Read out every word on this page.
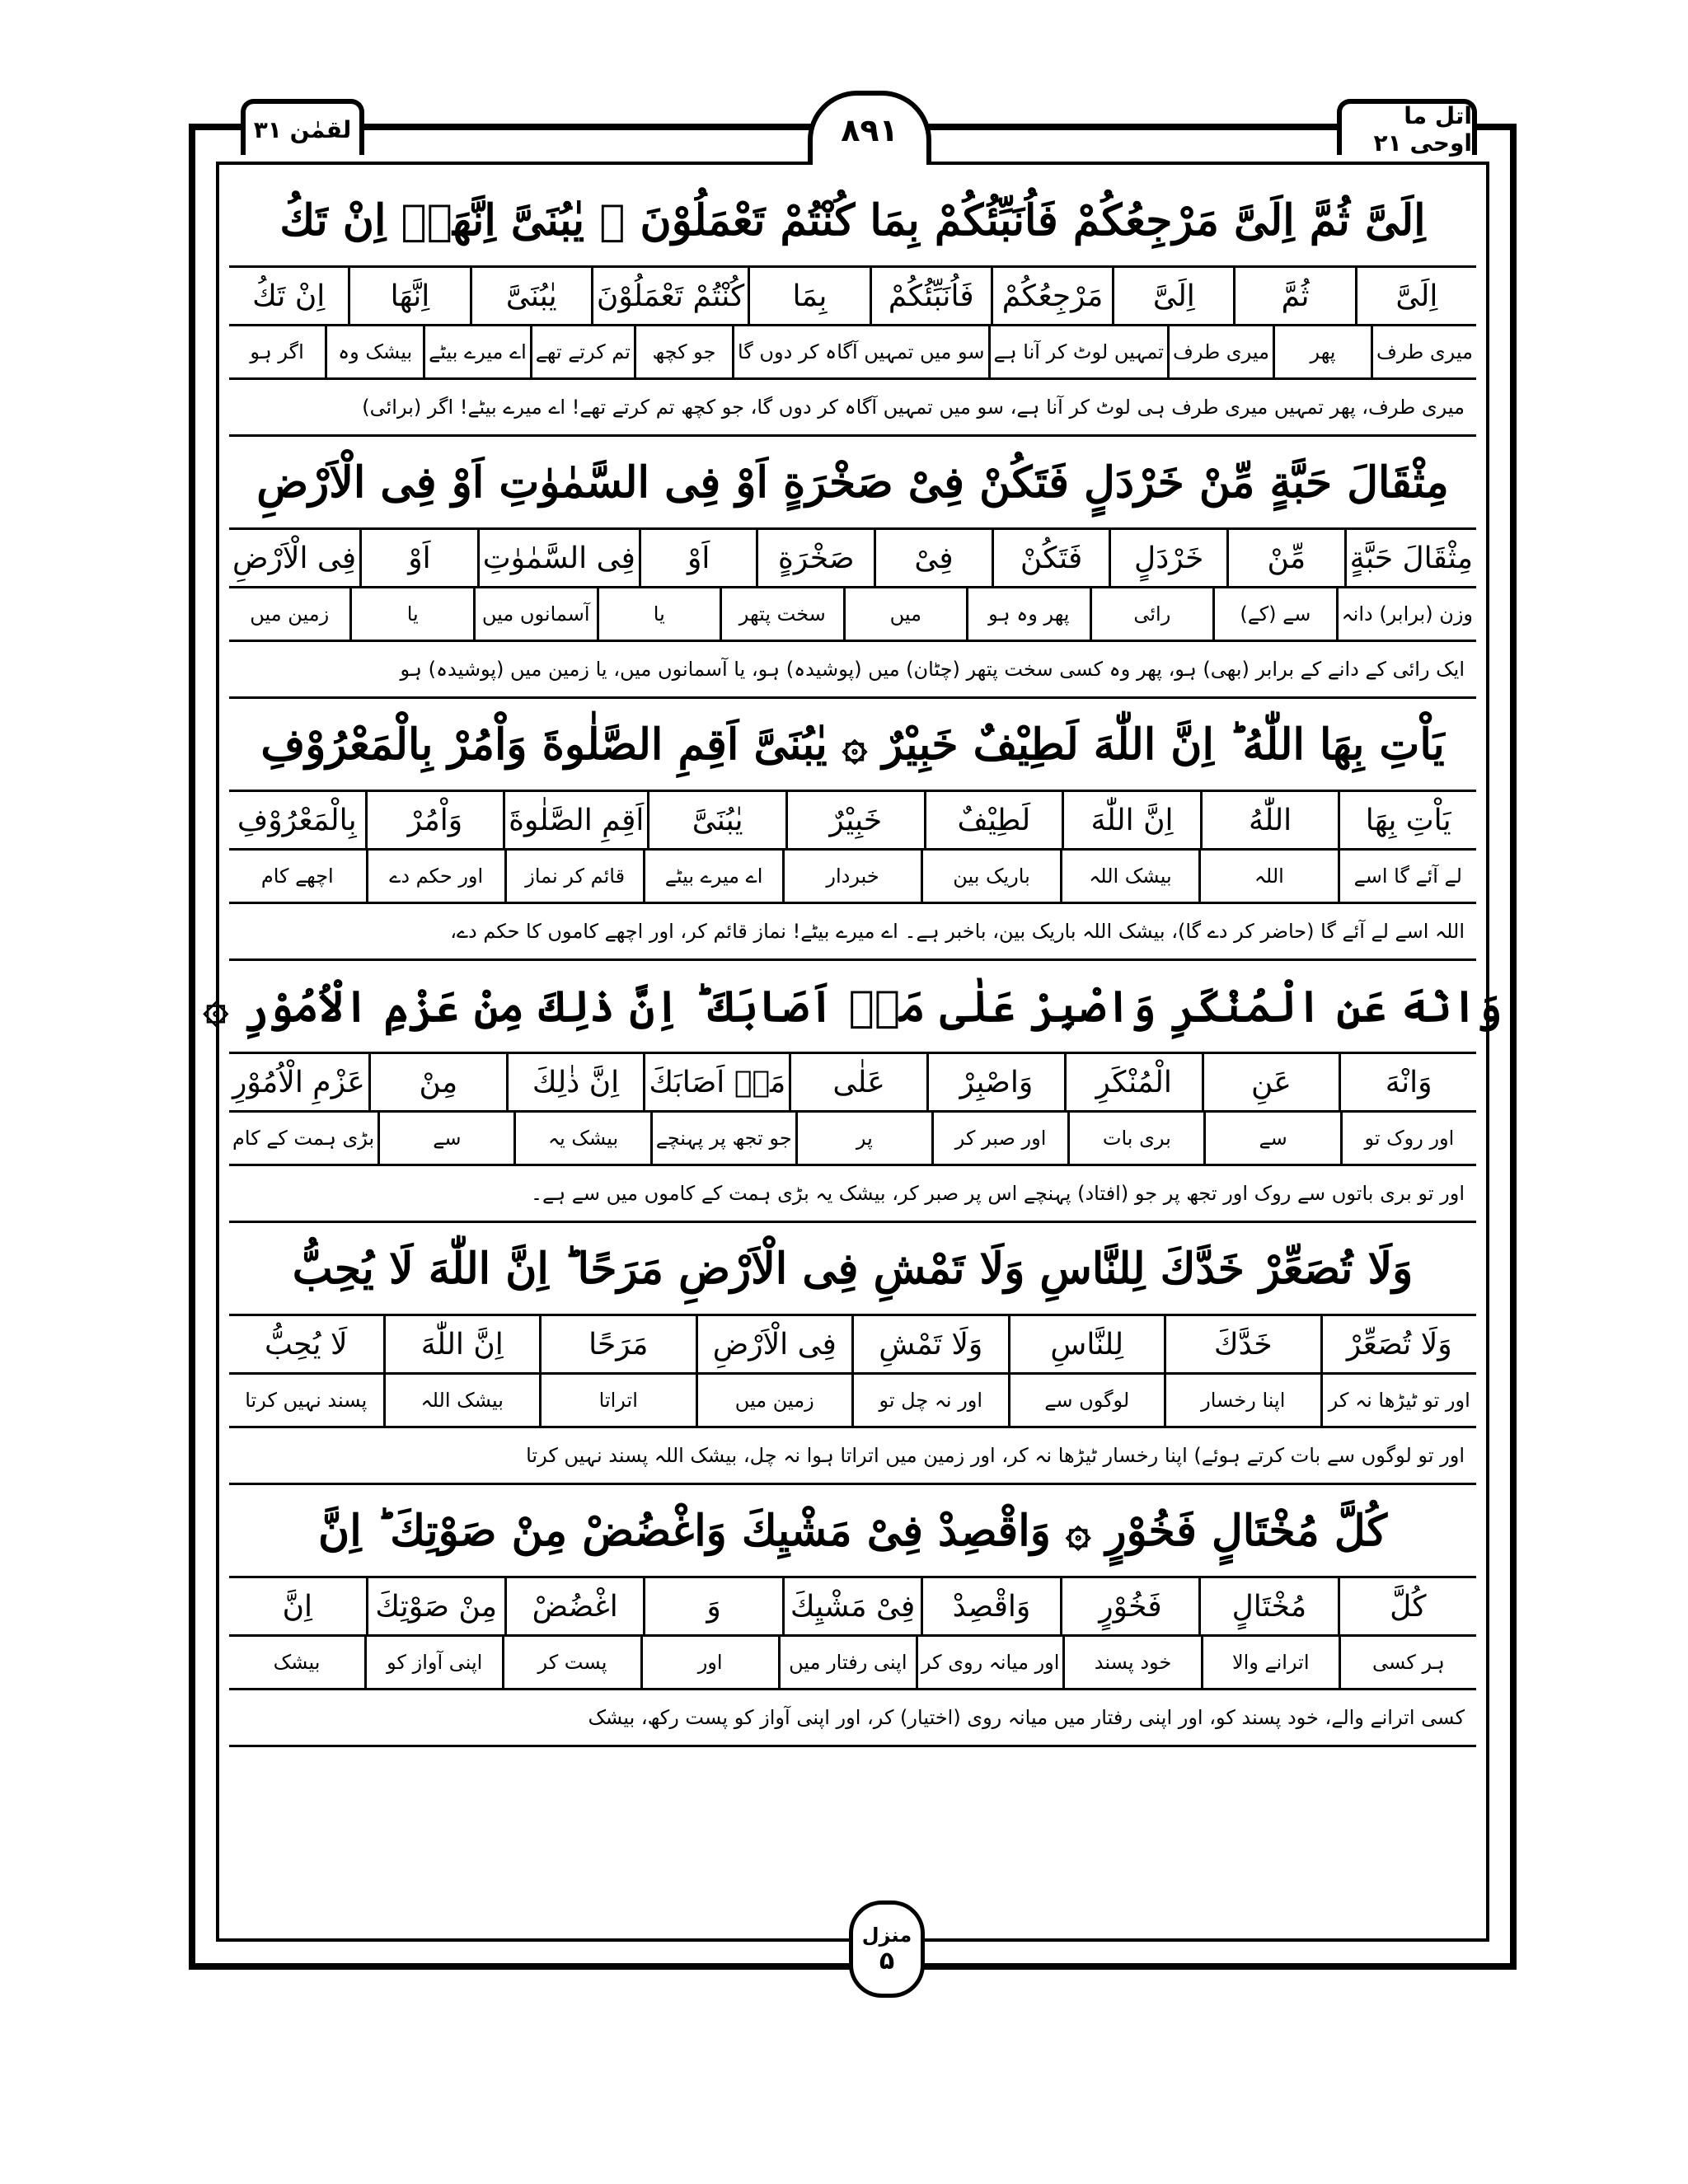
اتل ما اوحی ۲۱
۸۹۱
لقمٰن ۳۱
اِلَیَّ ثُمَّ اِلَیَّ مَرْجِعُكُمْ فَاُنَبِّئُكُمْ بِمَا كُنْتُمْ تَعْمَلُوْنَ ۞ یٰبُنَیَّ اِنَّهَاۤ اِنْ تَكُ
اِلَیَّ
ثُمَّ
اِلَیَّ
مَرْجِعُكُمْ
فَاُنَبِّئُكُمْ
بِمَا
كُنْتُمْ تَعْمَلُوْنَ
یٰبُنَیَّ
اِنَّهَا
اِنْ تَكُ
میری طرف
پھر
میری طرف
تمہیں لوٹ کر آنا ہے
سو میں تمہیں آگاہ کر دوں گا
جو کچھ
تم کرتے تھے
اے میرے بیٹے
بیشک وہ
اگر ہو
میری طرف، پھر تمہیں میری طرف ہی لوٹ کر آنا ہے، سو میں تمہیں آگاہ کر دوں گا، جو کچھ تم کرتے تھے! اے میرے بیٹے! اگر (برائی)
مِثْقَالَ حَبَّةٍ مِّنْ خَرْدَلٍ فَتَكُنْ فِیْ صَخْرَةٍ اَوْ فِی السَّمٰوٰتِ اَوْ فِی الْاَرْضِ
مِثْقَالَ حَبَّةٍ
مِّنْ
خَرْدَلٍ
فَتَكُنْ
فِیْ
صَخْرَةٍ
اَوْ
فِی السَّمٰوٰتِ
اَوْ
فِی الْاَرْضِ
وزن (برابر) دانہ
سے (کے)
رائی
پھر وہ ہو
میں
سخت پتھر
یا
آسمانوں میں
یا
زمین میں
ایک رائی کے دانے کے برابر (بھی) ہو، پھر وہ کسی سخت پتھر (چٹان) میں (پوشیدہ) ہو، یا آسمانوں میں، یا زمین میں (پوشیدہ) ہو
یَاْتِ بِهَا اللّٰهُ ؕ اِنَّ اللّٰهَ لَطِیْفٌ خَبِیْرٌ ۞ یٰبُنَیَّ اَقِمِ الصَّلٰوةَ وَاْمُرْ بِالْمَعْرُوْفِ
یَاْتِ بِهَا
اللّٰهُ
اِنَّ اللّٰهَ
لَطِیْفٌ
خَبِیْرٌ
یٰبُنَیَّ
اَقِمِ الصَّلٰوةَ
وَاْمُرْ
بِالْمَعْرُوْفِ
لے آئے گا اسے
اللہ
بیشک اللہ
باریک بین
خبردار
اے میرے بیٹے
قائم کر نماز
اور حکم دے
اچھے کام
اللہ اسے لے آئے گا (حاضر کر دے گا)، بیشک اللہ باریک بین، باخبر ہے۔ اے میرے بیٹے! نماز قائم کر، اور اچھے کاموں کا حکم دے،
وَانْهَ عَنِ الْمُنْكَرِ وَاصْبِرْ عَلٰی مَاۤ اَصَابَكَ ؕ اِنَّ ذٰلِكَ مِنْ عَزْمِ الْاُمُوْرِ ۞
وَانْهَ
عَنِ
الْمُنْكَرِ
وَاصْبِرْ
عَلٰی
مَاۤ اَصَابَكَ
اِنَّ ذٰلِكَ
مِنْ
عَزْمِ الْاُمُوْرِ
اور روک تو
سے
بری بات
اور صبر کر
پر
جو تجھ پر پہنچے
بیشک یہ
سے
بڑی ہمت کے کام
اور تو بری باتوں سے روک اور تجھ پر جو (افتاد) پہنچے اس پر صبر کر، بیشک یہ بڑی ہمت کے کاموں میں سے ہے۔
وَلَا تُصَعِّرْ خَدَّكَ لِلنَّاسِ وَلَا تَمْشِ فِی الْاَرْضِ مَرَحًا ؕ اِنَّ اللّٰهَ لَا یُحِبُّ
وَلَا تُصَعِّرْ
خَدَّكَ
لِلنَّاسِ
وَلَا تَمْشِ
فِی الْاَرْضِ
مَرَحًا
اِنَّ اللّٰهَ
لَا یُحِبُّ
اور تو ٹیڑھا نہ کر
اپنا رخسار
لوگوں سے
اور نہ چل تو
زمین میں
اتراتا
بیشک اللہ
پسند نہیں کرتا
اور تو لوگوں سے بات کرتے ہوئے) اپنا رخسار ٹیڑھا نہ کر، اور زمین میں اتراتا ہوا نہ چل، بیشک اللہ پسند نہیں کرتا
كُلَّ مُخْتَالٍ فَخُوْرٍ ۞ وَاقْصِدْ فِیْ مَشْیِكَ وَاغْضُضْ مِنْ صَوْتِكَ ؕ اِنَّ
كُلَّ
مُخْتَالٍ
فَخُوْرٍ
وَاقْصِدْ
فِیْ مَشْیِكَ
وَ
اغْضُضْ
مِنْ صَوْتِكَ
اِنَّ
ہر کسی
اترانے والا
خود پسند
اور میانہ روی کر
اپنی رفتار میں
اور
پست کر
اپنی آواز کو
بیشک
کسی اترانے والے، خود پسند کو، اور اپنی رفتار میں میانہ روی (اختیار) کر، اور اپنی آواز کو پست رکھ، بیشک
منزل
۵
